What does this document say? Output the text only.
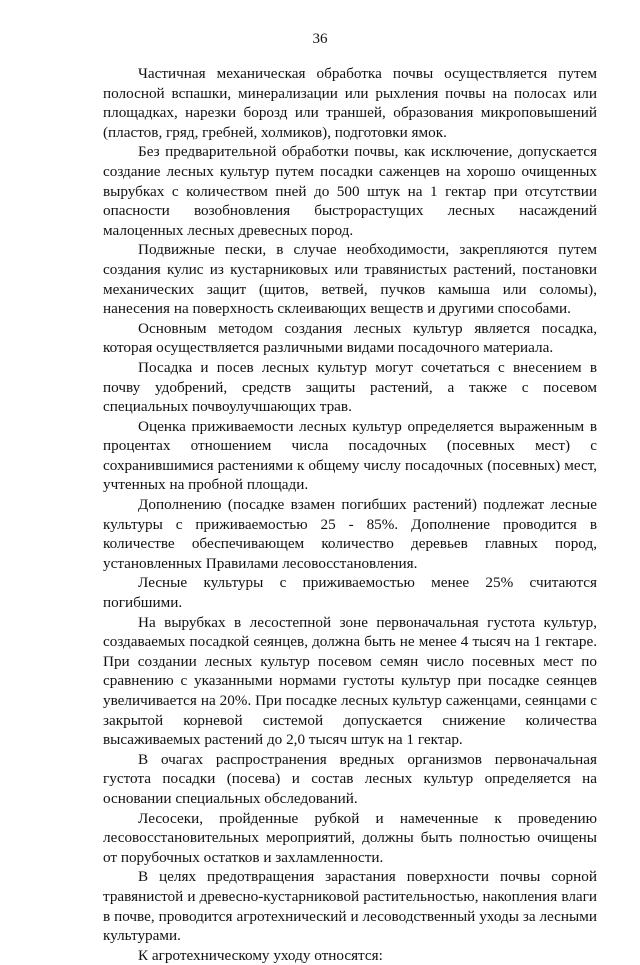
36

Частичная механическая обработка почвы осуществляется путем полосной вспашки, минерализации или рыхления почвы на полосах или площадках, нарезки борозд или траншей, образования микроповышений (пластов, гряд, гребней, холмиков), подготовки ямок.

Без предварительной обработки почвы, как исключение, допускается создание лесных культур путем посадки саженцев на хорошо очищенных вырубках с количеством пней до 500 штук на 1 гектар при отсутствии опасности возобновления быстрорастущих лесных насаждений малоценных лесных древесных пород.

Подвижные пески, в случае необходимости, закрепляются путем создания кулис из кустарниковых или травянистых растений, постановки механических защит (щитов, ветвей, пучков камыша или соломы), нанесения на поверхность склеивающих веществ и другими способами.

Основным методом создания лесных культур является посадка, которая осуществляется различными видами посадочного материала.

Посадка и посев лесных культур могут сочетаться с внесением в почву удобрений, средств защиты растений, а также с посевом специальных почвоулучшающих трав.

Оценка приживаемости лесных культур определяется выраженным в процентах отношением числа посадочных (посевных мест) с сохранившимися растениями к общему числу посадочных (посевных) мест, учтенных на пробной площади.

Дополнению (посадке взамен погибших растений) подлежат лесные культуры с приживаемостью 25 - 85%. Дополнение проводится в количестве обеспечивающем количество деревьев главных пород, установленных Правилами лесовосстановления.

Лесные культуры с приживаемостью менее 25% считаются погибшими.

На вырубках в лесостепной зоне первоначальная густота культур, создаваемых посадкой сеянцев, должна быть не менее 4 тысяч на 1 гектаре. При создании лесных культур посевом семян число посевных мест по сравнению с указанными нормами густоты культур при посадке сеянцев увеличивается на 20%. При посадке лесных культур саженцами, сеянцами с закрытой корневой системой допускается снижение количества высаживаемых растений до 2,0 тысяч штук на 1 гектар.

В очагах распространения вредных организмов первоначальная густота посадки (посева) и состав лесных культур определяется на основании специальных обследований.

Лесосеки, пройденные рубкой и намеченные к проведению лесовосстановительных мероприятий, должны быть полностью очищены от порубочных остатков и захламленности.

В целях предотвращения зарастания поверхности почвы сорной травянистой и древесно-кустарниковой растительностью, накопления влаги в почве, проводится агротехнический и лесоводственный уходы за лесными культурами.

К агротехническому уходу относятся:
